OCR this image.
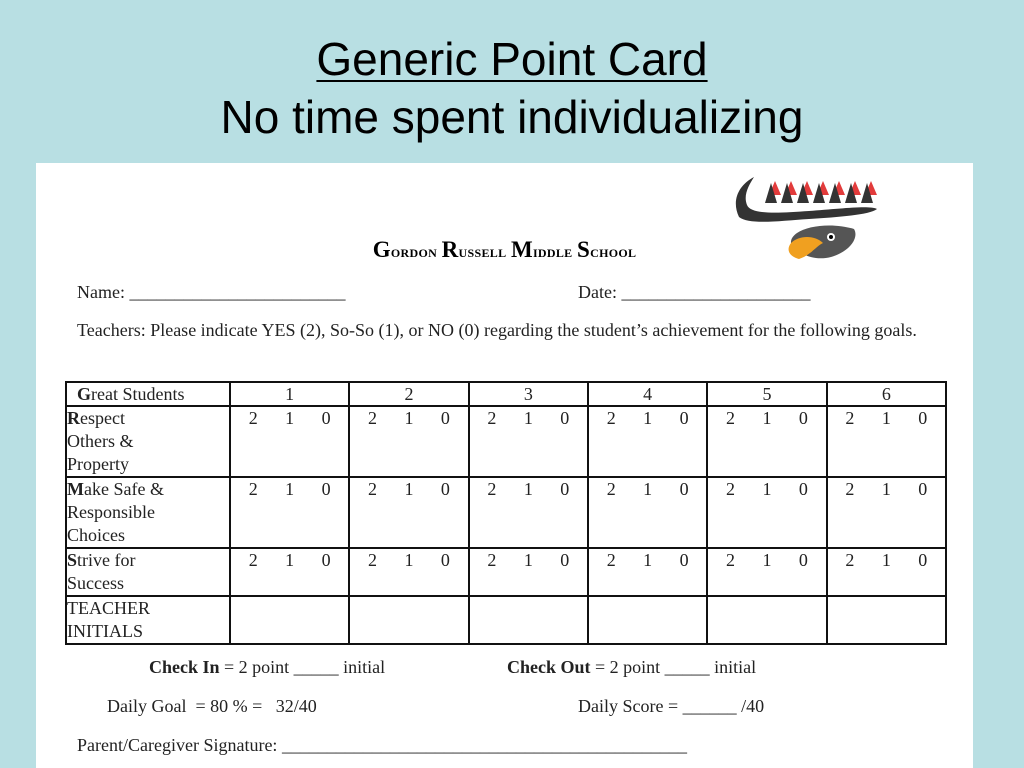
Generic Point Card
No time spent individualizing
Gordon Russell Middle School
Name: ________________________	Date: _____________________
Teachers: Please indicate YES (2), So-So (1), or NO (0) regarding the student’s achievement for the following goals.
Great Students	1	2	3	4	5	6
Respect
Others &
Property	2 1 0	2 1 0	2 1 0	2 1 0	2 1 0	2 1 0

Make Safe &
Responsible
Choices	2 1 0	2 1 0	2 1 0	2 1 0	2 1 0	2 1 0

Strive for
Success	2 1 0	2 1 0	2 1 0	2 1 0	2 1 0	2 1 0

TEACHER
INITIALS						
Check In = 2 point _____ initial	Check Out = 2 point _____ initial
Daily Goal  = 80 % =   32/40	Daily Score = ______ /40
Parent/Caregiver Signature: _____________________________________________
